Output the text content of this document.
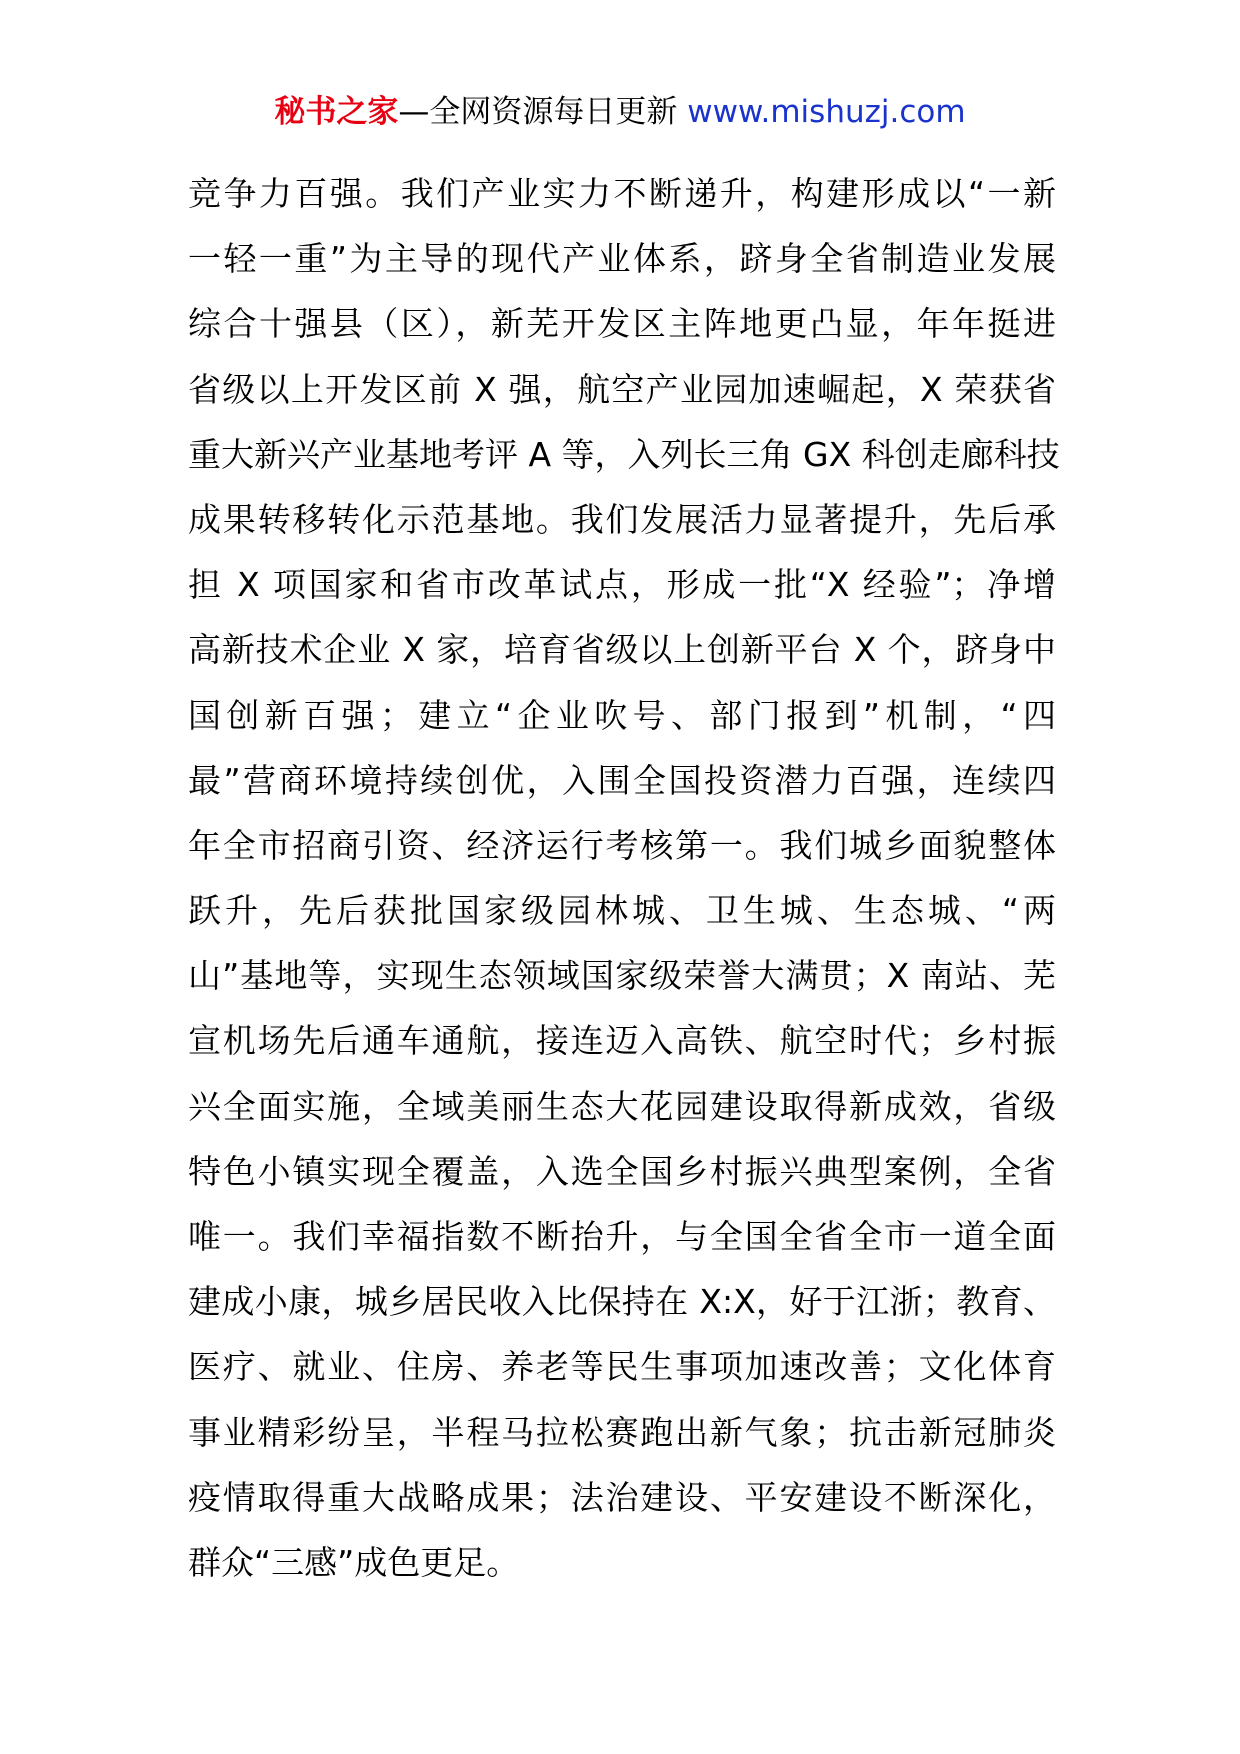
秘书之家—全网资源每日更新 www.mishuzj.com
竞争力百强。我们产业实力不断递升，构建形成以“一新
一轻一重”为主导的现代产业体系，跻身全省制造业发展
综合十强县（区），新芜开发区主阵地更凸显，年年挺进
省级以上开发区前 X 强，航空产业园加速崛起，X 荣获省
重大新兴产业基地考评 A 等，入列长三角 GX 科创走廊科技
成果转移转化示范基地。我们发展活力显著提升，先后承
担 X 项国家和省市改革试点，形成一批“X 经验”；净增
高新技术企业 X 家，培育省级以上创新平台 X 个，跻身中
国创新百强；建立“企业吹号、部门报到”机制，“四
最”营商环境持续创优，入围全国投资潜力百强，连续四
年全市招商引资、经济运行考核第一。我们城乡面貌整体
跃升，先后获批国家级园林城、卫生城、生态城、“两
山”基地等，实现生态领域国家级荣誉大满贯；X 南站、芜
宣机场先后通车通航，接连迈入高铁、航空时代；乡村振
兴全面实施，全域美丽生态大花园建设取得新成效，省级
特色小镇实现全覆盖，入选全国乡村振兴典型案例，全省
唯一。我们幸福指数不断抬升，与全国全省全市一道全面
建成小康，城乡居民收入比保持在 X:X，好于江浙；教育、
医疗、就业、住房、养老等民生事项加速改善；文化体育
事业精彩纷呈，半程马拉松赛跑出新气象；抗击新冠肺炎
疫情取得重大战略成果；法治建设、平安建设不断深化，
群众“三感”成色更足。
